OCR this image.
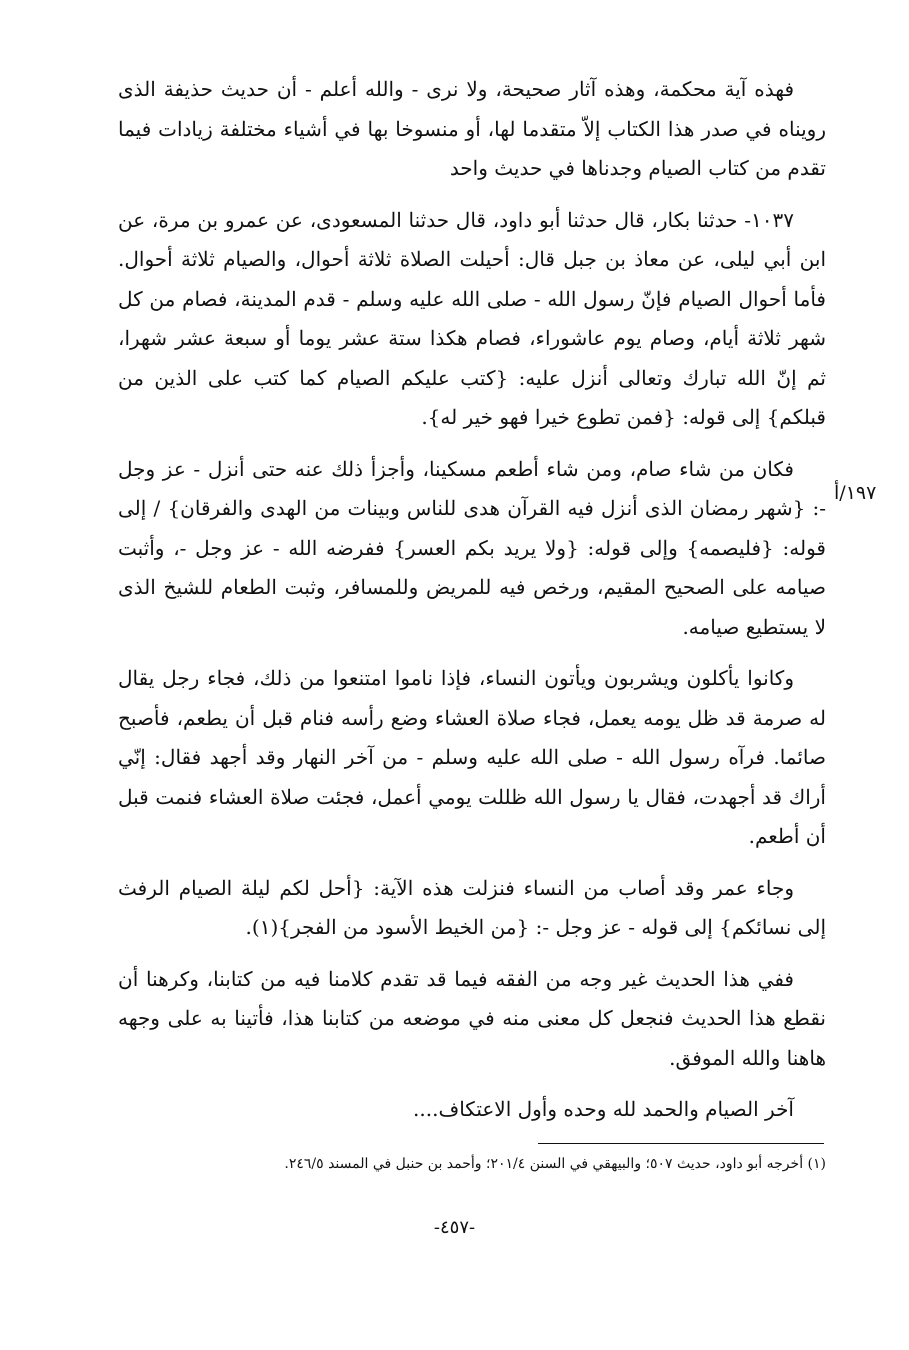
فهذه آية محكمة، وهذه آثار صحيحة، ولا نرى - والله أعلم - أن حديث حذيفة الذى رويناه في صدر هذا الكتاب إلاّ متقدما لها، أو منسوخا بها في أشياء مختلفة زيادات فيما تقدم من كتاب الصيام وجدناها في حديث واحد

١٠٣٧- حدثنا بكار، قال حدثنا أبو داود، قال حدثنا المسعودى، عن عمرو بن مرة، عن ابن أبي ليلى، عن معاذ بن جبل قال: أحيلت الصلاة ثلاثة أحوال، والصيام ثلاثة أحوال. فأما أحوال الصيام فإنّ رسول الله - صلى الله عليه وسلم - قدم المدينة، فصام من كل شهر ثلاثة أيام، وصام يوم عاشوراء، فصام هكذا ستة عشر يوما أو سبعة عشر شهرا، ثم إنّ الله تبارك وتعالى أنزل عليه: {كتب عليكم الصيام كما كتب على الذين من قبلكم} إلى قوله: {فمن تطوع خيرا فهو خير له}.

فكان من شاء صام، ومن شاء أطعم مسكينا، وأجزأ ذلك عنه حتى أنزل - عز وجل -: {شهر رمضان الذى أنزل فيه القرآن هدى للناس وبينات من الهدى والفرقان} / إلى قوله: {فليصمه} وإلى قوله: {ولا يريد بكم العسر} ففرضه الله - عز وجل -، وأثبت صيامه على الصحيح المقيم، ورخص فيه للمريض وللمسافر، وثبت الطعام للشيخ الذى لا يستطيع صيامه.

وكانوا يأكلون ويشربون ويأتون النساء، فإذا ناموا امتنعوا من ذلك، فجاء رجل يقال له صرمة قد ظل يومه يعمل، فجاء صلاة العشاء وضع رأسه فنام قبل أن يطعم، فأصبح صائما. فرآه رسول الله - صلى الله عليه وسلم - من آخر النهار وقد أجهد فقال: إنّي أراك قد أجهدت، فقال يا رسول الله ظللت يومي أعمل، فجئت صلاة العشاء فنمت قبل أن أطعم.

وجاء عمر وقد أصاب من النساء فنزلت هذه الآية: {أحل لكم ليلة الصيام الرفث إلى نسائكم} إلى قوله - عز وجل -: {من الخيط الأسود من الفجر}(١).

ففي هذا الحديث غير وجه من الفقه فيما قد تقدم كلامنا فيه من كتابنا، وكرهنا أن نقطع هذا الحديث فنجعل كل معنى منه في موضعه من كتابنا هذا، فأتينا به على وجهه هاهنا والله الموفق.

آخر الصيام والحمد لله وحده وأول الاعتكاف....

١٩٧/أ
(١) أخرجه أبو داود، حديث ٥٠٧؛ والبيهقي في السنن ٢٠١/٤؛ وأحمد بن حنبل في المسند ٢٤٦/٥.
-٤٥٧-
